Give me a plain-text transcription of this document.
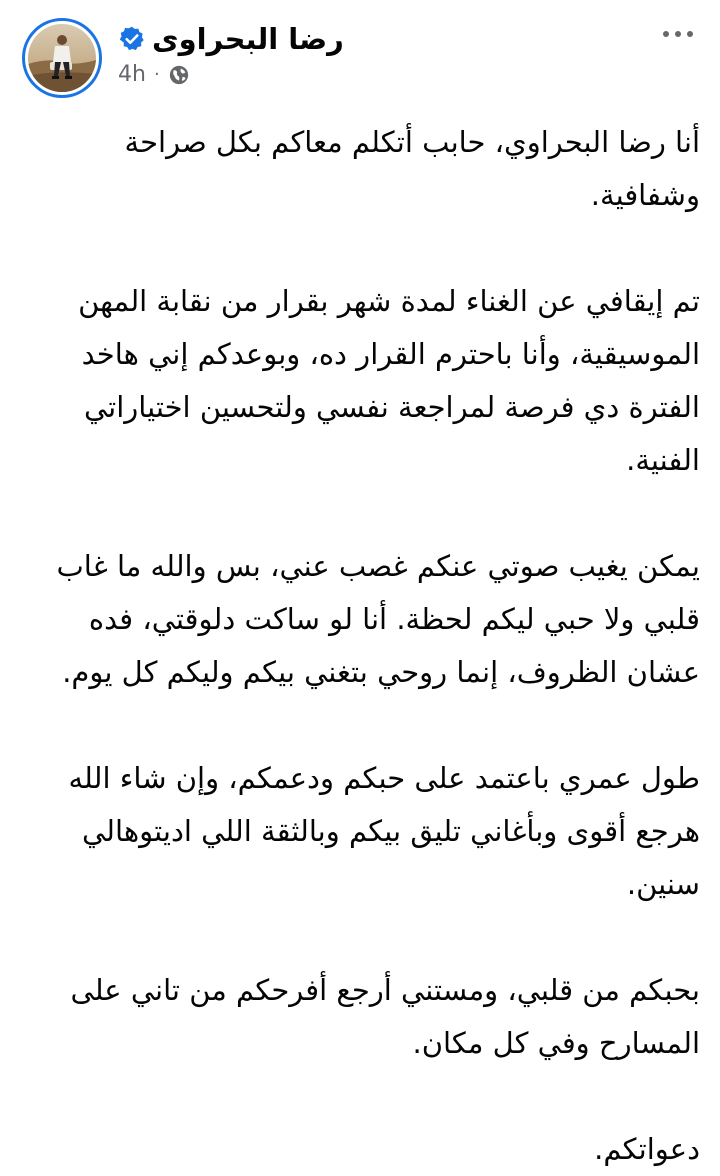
رضا البحراوى
4h ·

أنا رضا البحراوي، حابب أتكلم معاكم بكل صراحة وشفافية.

تم إيقافي عن الغناء لمدة شهر بقرار من نقابة المهن الموسيقية، وأنا باحترم القرار ده، وبوعدكم إني هاخد الفترة دي فرصة لمراجعة نفسي ولتحسين اختياراتي الفنية.

يمكن يغيب صوتي عنكم غصب عني، بس والله ما غاب قلبي ولا حبي ليكم لحظة. أنا لو ساكت دلوقتي، فده عشان الظروف، إنما روحي بتغني بيكم وليكم كل يوم.

طول عمري باعتمد على حبكم ودعمكم، وإن شاء الله هرجع أقوى وبأغاني تليق بيكم وبالثقة اللي اديتوهالي سنين.

بحبكم من قلبي، ومستني أرجع أفرحكم من تاني على المسارح وفي كل مكان.

دعواتكم.
